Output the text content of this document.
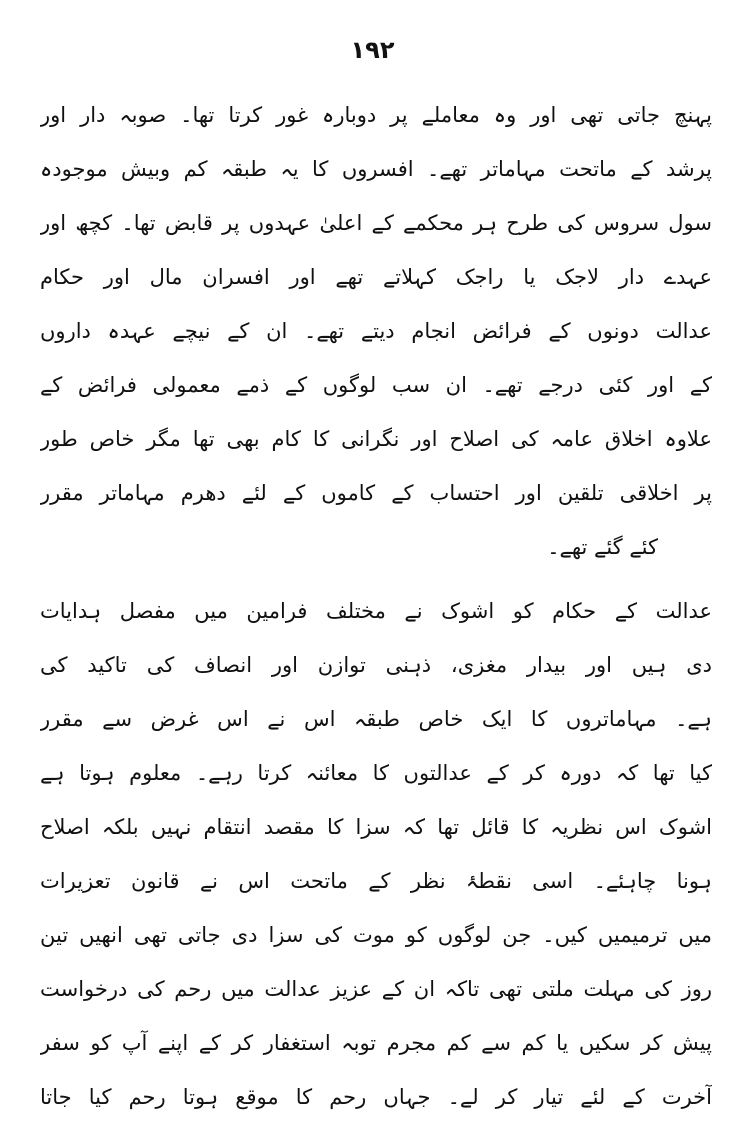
۱۹۲
پہنچ جاتی تھی اور وہ معاملے پر دوبارہ غور کرتا تھا۔ صوبہ دار اور
پرشد کے ماتحت مہاماتر تھے۔ افسروں کا یہ طبقہ کم وبیش موجودہ
سول سروس کی طرح ہر محکمے کے اعلیٰ عہدوں پر قابض تھا۔ کچھ اور
عہدے دار لاجک یا راجک کہلاتے تھے اور افسران مال اور حکام
عدالت دونوں کے فرائض انجام دیتے تھے۔ ان کے نیچے عہدہ داروں
کے اور کئی درجے تھے۔ ان سب لوگوں کے ذمے معمولی فرائض کے
علاوہ اخلاق عامہ کی اصلاح اور نگرانی کا کام بھی تھا مگر خاص طور
پر اخلاقی تلقین اور احتساب کے کاموں کے لئے دھرم مہاماتر مقرر
کئے گئے تھے۔
عدالت کے حکام کو اشوک نے مختلف فرامین میں مفصل ہدایات
دی ہیں اور بیدار مغزی، ذہنی توازن اور انصاف کی تاکید کی
ہے۔ مہاماتروں کا ایک خاص طبقہ اس نے اس غرض سے مقرر
کیا تھا کہ دورہ کر کے عدالتوں کا معائنہ کرتا رہے۔ معلوم ہوتا ہے
اشوک اس نظریہ کا قائل تھا کہ سزا کا مقصد انتقام نہیں بلکہ اصلاح
ہونا چاہئے۔ اسی نقطۂ نظر کے ماتحت اس نے قانون تعزیرات
میں ترمیمیں کیں۔ جن لوگوں کو موت کی سزا دی جاتی تھی انھیں تین
روز کی مہلت ملتی تھی تاکہ ان کے عزیز عدالت میں رحم کی درخواست
پیش کر سکیں یا کم سے کم مجرم توبہ استغفار کر کے اپنے آپ کو سفر
آخرت کے لئے تیار کر لے۔ جہاں رحم کا موقع ہوتا رحم کیا جاتا
